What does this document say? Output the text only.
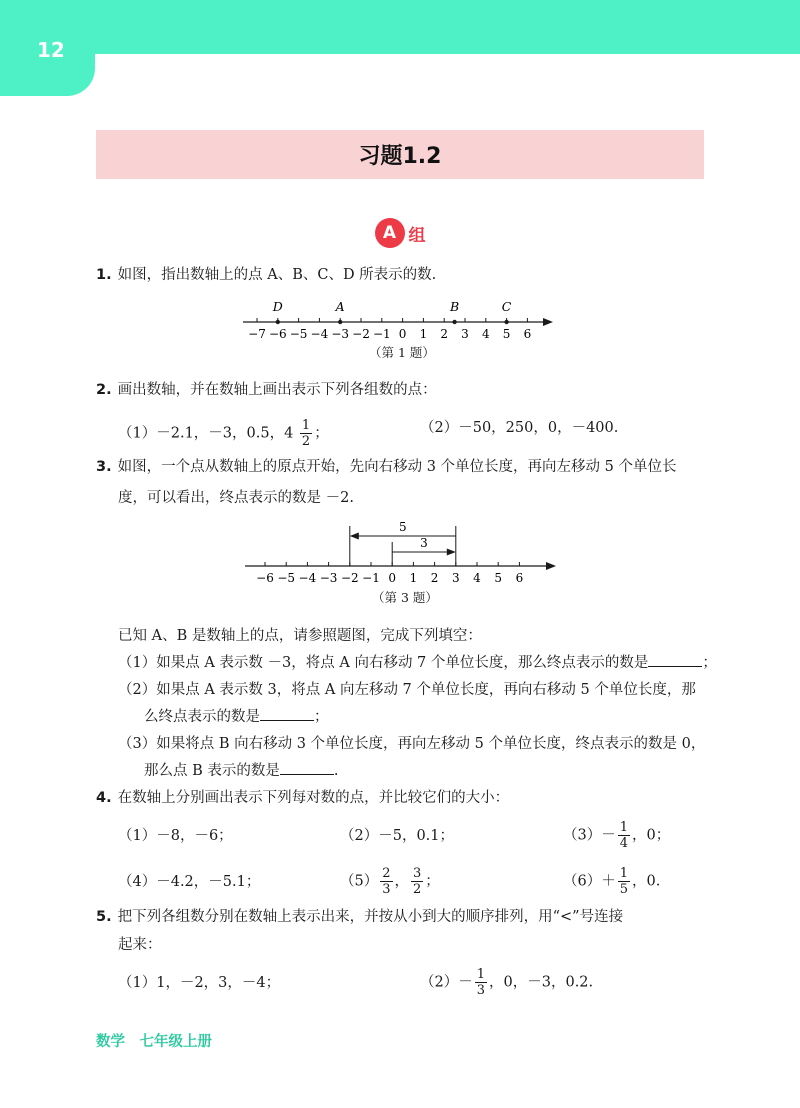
12
习题1.2
A 组
1. 如图，指出数轴上的点 A、B、C、D 所表示的数.
−7 −6 −5 −4 −3 −2 −1 0 1 2 3 4 5 6
D	A	B	C
（第 1 题）
2. 画出数轴，并在数轴上画出表示下列各组数的点：
（1）－2.1，－3，0.5，$4 \frac{1}{2}$ ；	（2）－50，250，0，－400.
3. 如图，一个点从数轴上的原点开始，先向右移动 3 个单位长度，再向左移动 5 个单位长
度，可以看出，终点表示的数是 －2.
−6 −5 −4 −3 −2 −1 0 1 2 3 4 5 6
5
3
（第 3 题）
已知 A、B 是数轴上的点，请参照题图，完成下列填空：
（1）如果点 A 表示数 －3，将点 A 向右移动 7 个单位长度，那么终点表示的数是	；
（2）如果点 A 表示数 3，将点 A 向左移动 7 个单位长度，再向右移动 5 个单位长度，那
么终点表示的数是	；
（3）如果将点 B 向右移动 3 个单位长度，再向左移动 5 个单位长度，终点表示的数是 0，
那么点 B 表示的数是	.
4. 在数轴上分别画出表示下列每对数的点，并比较它们的大小：
（1）－8，－6；	（2）－5，0.1；	$(3)- \frac{1}{4}$ ，0；
（4）－4.2，－5.1；	$(5) \frac{2}{3}$ ， $\frac{3}{2}$ ；	$(6)+ \frac{1}{5}$ ，0.
5. 把下列各组数分别在数轴上表示出来，并按从小到大的顺序排列，用“<”号连接
起来：
（1）1，－2，3，－4；	$(2)- \frac{1}{3}$ ，0，－3，0.2.
数学　七年级上册
